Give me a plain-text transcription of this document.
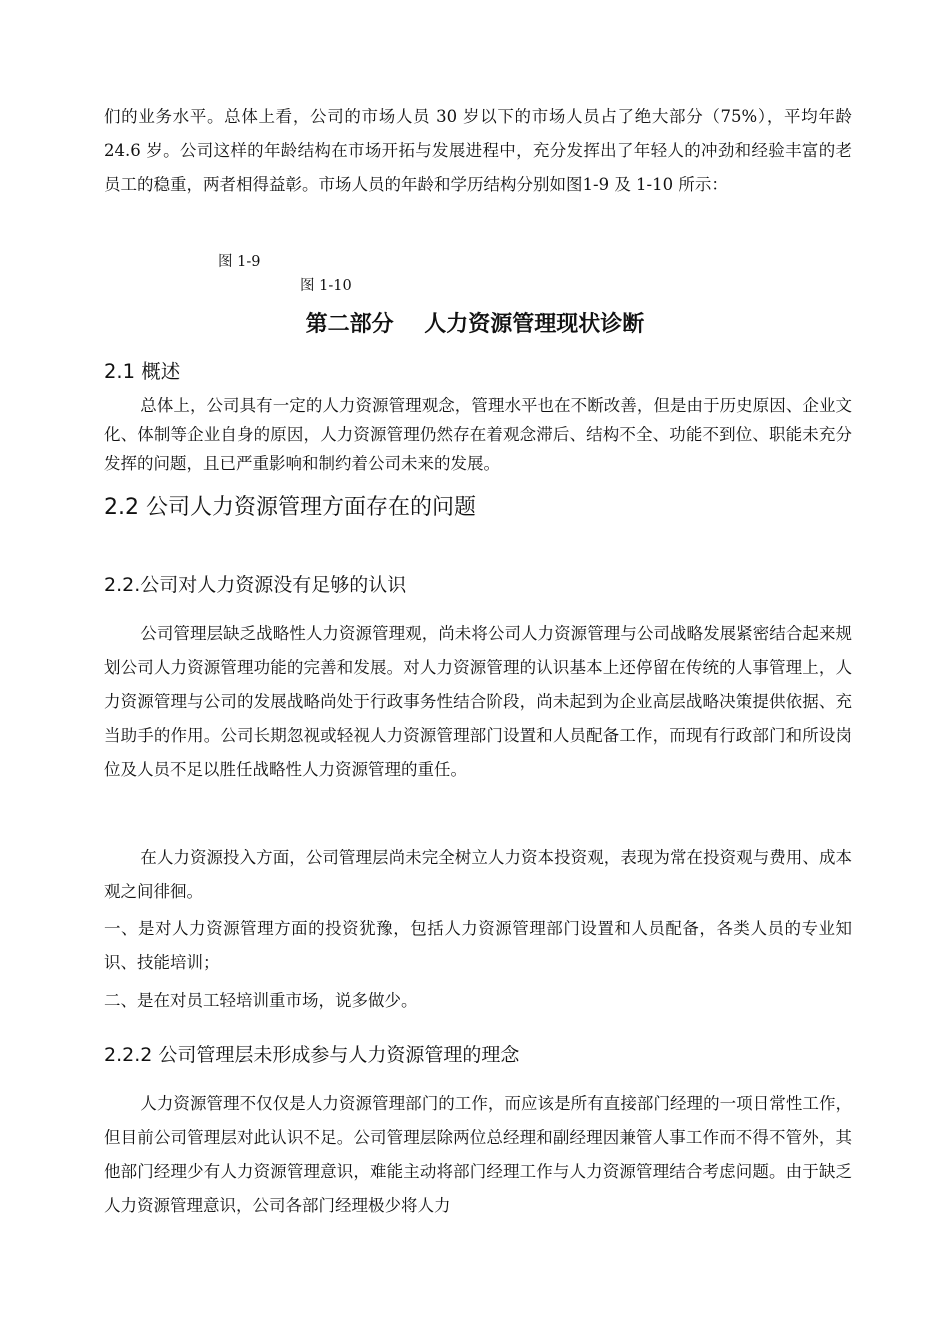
们的业务水平。总体上看，公司的市场人员 30 岁以下的市场人员占了绝大部分（75%），平均年龄 24.6 岁。公司这样的年龄结构在市场开拓与发展进程中，充分发挥出了年轻人的冲劲和经验丰富的老员工的稳重，两者相得益彰。市场人员的年龄和学历结构分别如图1-9 及 1-10 所示：

图 1-9
图 1-10
第二部分    人力资源管理现状诊断
2.1 概述

总体上，公司具有一定的人力资源管理观念，管理水平也在不断改善，但是由于历史原因、企业文化、体制等企业自身的原因，人力资源管理仍然存在着观念滞后、结构不全、功能不到位、职能未充分发挥的问题，且已严重影响和制约着公司未来的发展。

2.2 公司人力资源管理方面存在的问题
2.2.公司对人力资源没有足够的认识

公司管理层缺乏战略性人力资源管理观，尚未将公司人力资源管理与公司战略发展紧密结合起来规划公司人力资源管理功能的完善和发展。对人力资源管理的认识基本上还停留在传统的人事管理上，人力资源管理与公司的发展战略尚处于行政事务性结合阶段，尚未起到为企业高层战略决策提供依据、充当助手的作用。公司长期忽视或轻视人力资源管理部门设置和人员配备工作，而现有行政部门和所设岗位及人员不足以胜任战略性人力资源管理的重任。

在人力资源投入方面，公司管理层尚未完全树立人力资本投资观，表现为常在投资观与费用、成本观之间徘徊。

一、是对人力资源管理方面的投资犹豫，包括人力资源管理部门设置和人员配备，各类人员的专业知识、技能培训；

二、是在对员工轻培训重市场，说多做少。

2.2.2 公司管理层未形成参与人力资源管理的理念

人力资源管理不仅仅是人力资源管理部门的工作，而应该是所有直接部门经理的一项日常性工作，但目前公司管理层对此认识不足。公司管理层除两位总经理和副经理因兼管人事工作而不得不管外，其他部门经理少有人力资源管理意识，难能主动将部门经理工作与人力资源管理结合考虑问题。由于缺乏人力资源管理意识，公司各部门经理极少将人力
